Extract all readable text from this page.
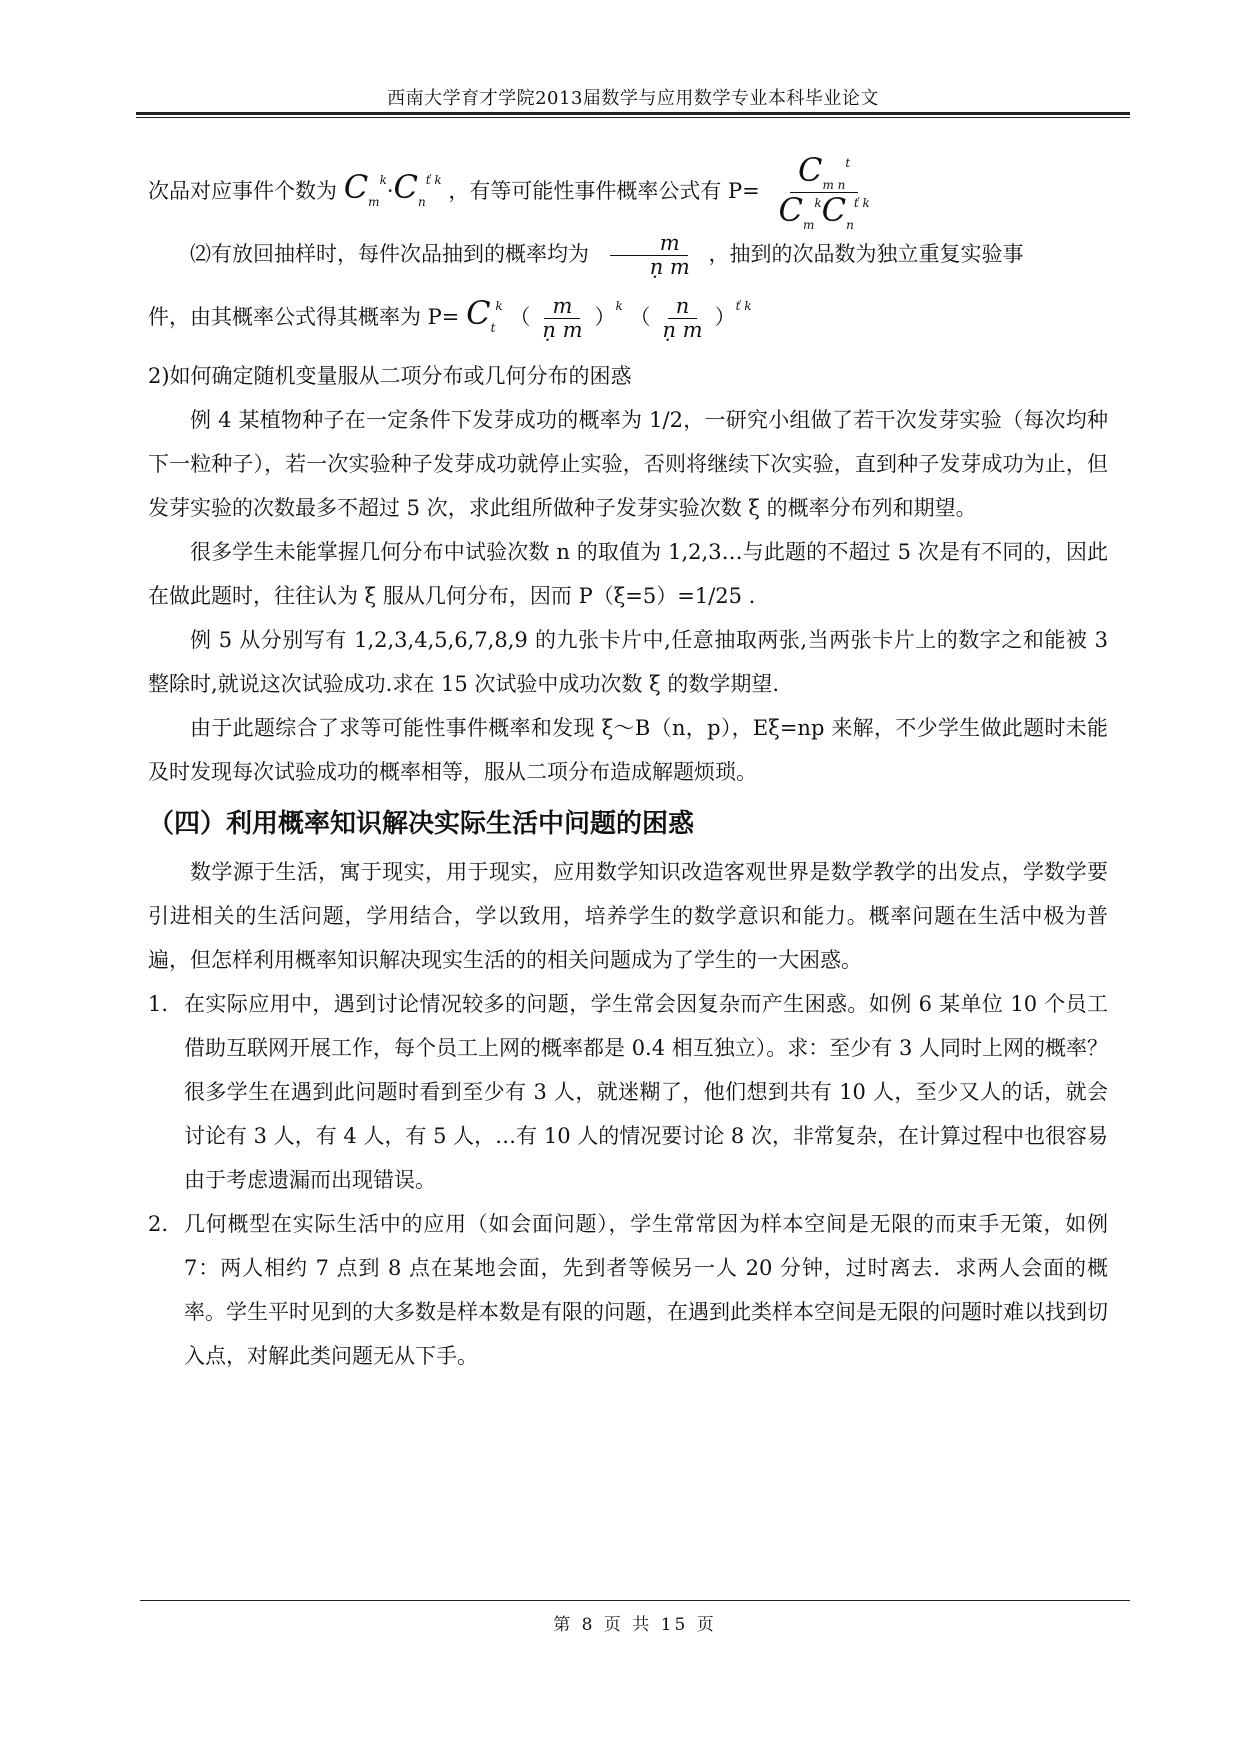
西南大学育才学院2013届数学与应用数学专业本科毕业论文

次品对应事件个数为 $C_m^k\cdot C_n^{ť k}$ ，有等可能性事件概率公式有 $P= \frac{C_{m n}^t}{C_m^kC_n^{ť k}}$

⑵有放回抽样时，每件次品抽到的概率均为 $\frac{m}{\text{ṇ m}}$ ，抽到的次品数为独立重复实验事

件，由其概率公式得其概率为 $P= C_t^k$ （ $\frac{m}{\text{ṇ m}} )^k$ （ $\frac{n}{\text{ṇ m}} )^{ť k}$

2)如何确定随机变量服从二项分布或几何分布的困惑

例 4 某植物种子在一定条件下发芽成功的概率为 1/2，一研究小组做了若干次发芽实验（每次均种下一粒种子），若一次实验种子发芽成功就停止实验，否则将继续下次实验，直到种子发芽成功为止，但发芽实验的次数最多不超过 5 次，求此组所做种子发芽实验次数 ξ 的概率分布列和期望。

很多学生未能掌握几何分布中试验次数 n 的取值为 1,2,3…与此题的不超过 5 次是有不同的，因此在做此题时，往往认为 ξ 服从几何分布，因而 P（ξ=5）=1/25 .

例 5 从分别写有 1,2,3,4,5,6,7,8,9 的九张卡片中,任意抽取两张,当两张卡片上的数字之和能被 3 整除时,就说这次试验成功.求在 15 次试验中成功次数 ξ 的数学期望.

由于此题综合了求等可能性事件概率和发现 ξ～B（n，p），Eξ=np 来解，不少学生做此题时未能及时发现每次试验成功的概率相等，服从二项分布造成解题烦琐。

（四）利用概率知识解决实际生活中问题的困惑

数学源于生活，寓于现实，用于现实，应用数学知识改造客观世界是数学教学的出发点，学数学要引进相关的生活问题，学用结合，学以致用，培养学生的数学意识和能力。概率问题在生活中极为普遍，但怎样利用概率知识解决现实生活的的相关问题成为了学生的一大困惑。

1. 在实际应用中，遇到讨论情况较多的问题，学生常会因复杂而产生困惑。如例 6 某单位 10 个员工借助互联网开展工作，每个员工上网的概率都是 0.4 相互独立）。求：至少有 3 人同时上网的概率？很多学生在遇到此问题时看到至少有 3 人，就迷糊了，他们想到共有 10 人，至少又人的话，就会讨论有 3 人，有 4 人，有 5 人，…有 10 人的情况要讨论 8 次，非常复杂，在计算过程中也很容易由于考虑遗漏而出现错误。
2. 几何概型在实际生活中的应用（如会面问题），学生常常因为样本空间是无限的而束手无策，如例 7：两人相约 7 点到 8 点在某地会面，先到者等候另一人 20 分钟，过时离去．求两人会面的概率。学生平时见到的大多数是样本数是有限的问题，在遇到此类样本空间是无限的问题时难以找到切入点，对解此类问题无从下手。
第 8 页 共 15 页
